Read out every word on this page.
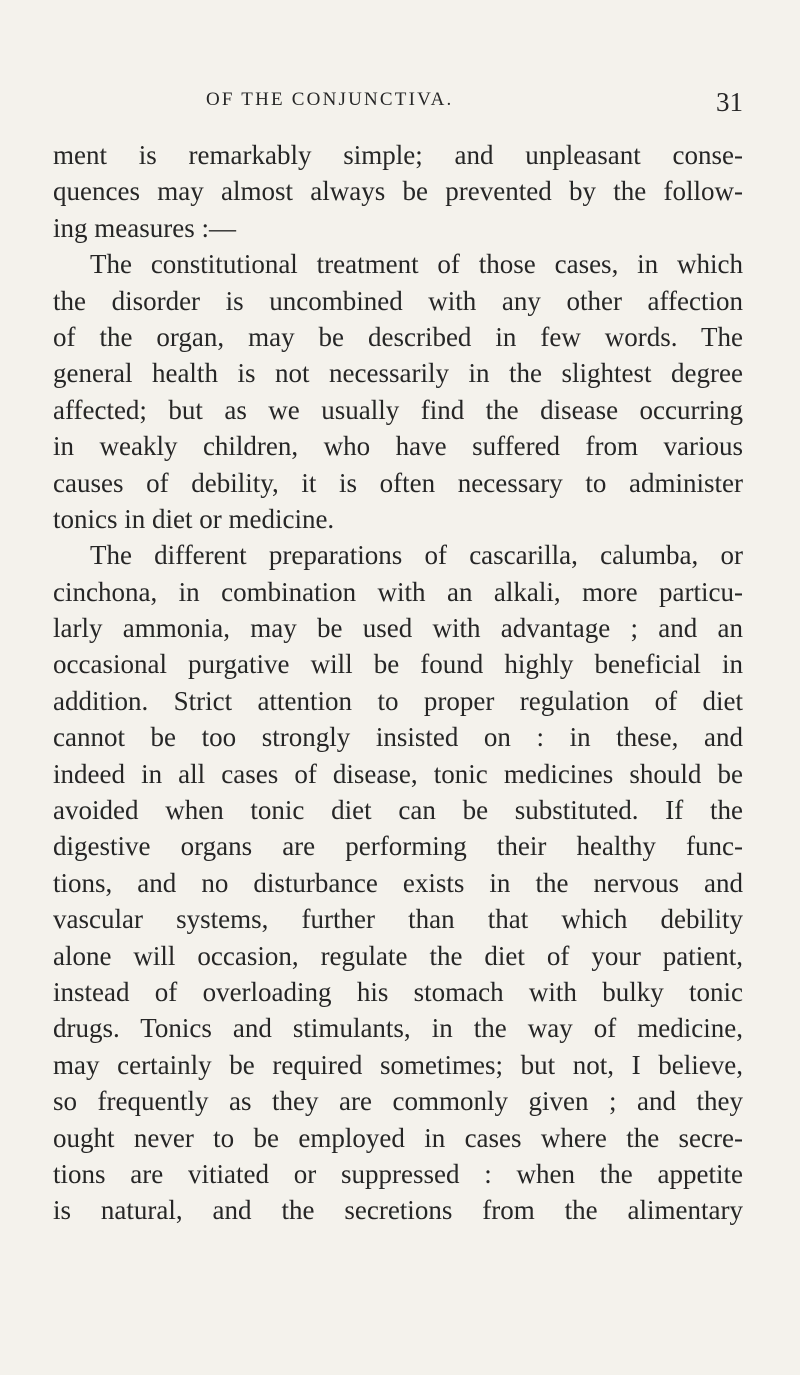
OF THE CONJUNCTIVA.	31
ment is remarkably simple; and unpleasant conse-
quences may almost always be prevented by the follow-
ing measures :—
The constitutional treatment of those cases, in which
the disorder is uncombined with any other affection
of the organ, may be described in few words. The
general health is not necessarily in the slightest degree
affected; but as we usually find the disease occurring
in weakly children, who have suffered from various
causes of debility, it is often necessary to administer
tonics in diet or medicine.
The different preparations of cascarilla, calumba, or
cinchona, in combination with an alkali, more particu-
larly ammonia, may be used with advantage ; and an
occasional purgative will be found highly beneficial in
addition. Strict attention to proper regulation of diet
cannot be too strongly insisted on : in these, and
indeed in all cases of disease, tonic medicines should be
avoided when tonic diet can be substituted. If the
digestive organs are performing their healthy func-
tions, and no disturbance exists in the nervous and
vascular systems, further than that which debility
alone will occasion, regulate the diet of your patient,
instead of overloading his stomach with bulky tonic
drugs. Tonics and stimulants, in the way of medicine,
may certainly be required sometimes; but not, I believe,
so frequently as they are commonly given ; and they
ought never to be employed in cases where the secre-
tions are vitiated or suppressed : when the appetite
is natural, and the secretions from the alimentary
